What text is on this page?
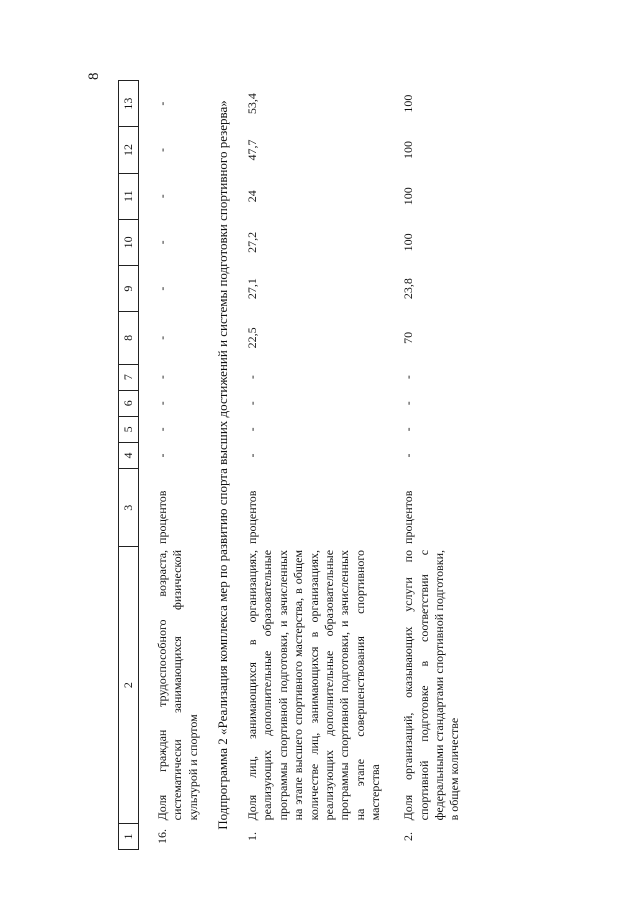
8
1	2	3	4	5	6	7	8	9	10	11	12	13

16.	Доля граждан трудоспособного возраста, систематически занимающихся физической культурой и спортом	процентов	-	-	-	-	-	-	-	-	-	-
Подпрограмма 2 «Реализация комплекса мер по развитию спорта высших достижений и системы подготовки спортивного резерва»												
1.	Доля лиц, занимающихся в организациях, реализующих дополнительные образовательные программы спортивной подготовки, и зачисленных на этапе высшего спортивного мастерства, в общем количестве лиц, занимающихся в организациях, реализующих дополнительные образовательные программы спортивной подготовки, и зачисленных на этапе совершенствования спортивного мастерства	процентов	-	-	-	-	22,5	27,1	27,2	24	47,7	53,4

2.	Доля организаций, оказывающих услуги по спортивной подготовке в соответствии с федеральными стандартами спортивной подготовки, в общем количестве	процентов	-	-	-	-	70	23,8	100	100	100	100
